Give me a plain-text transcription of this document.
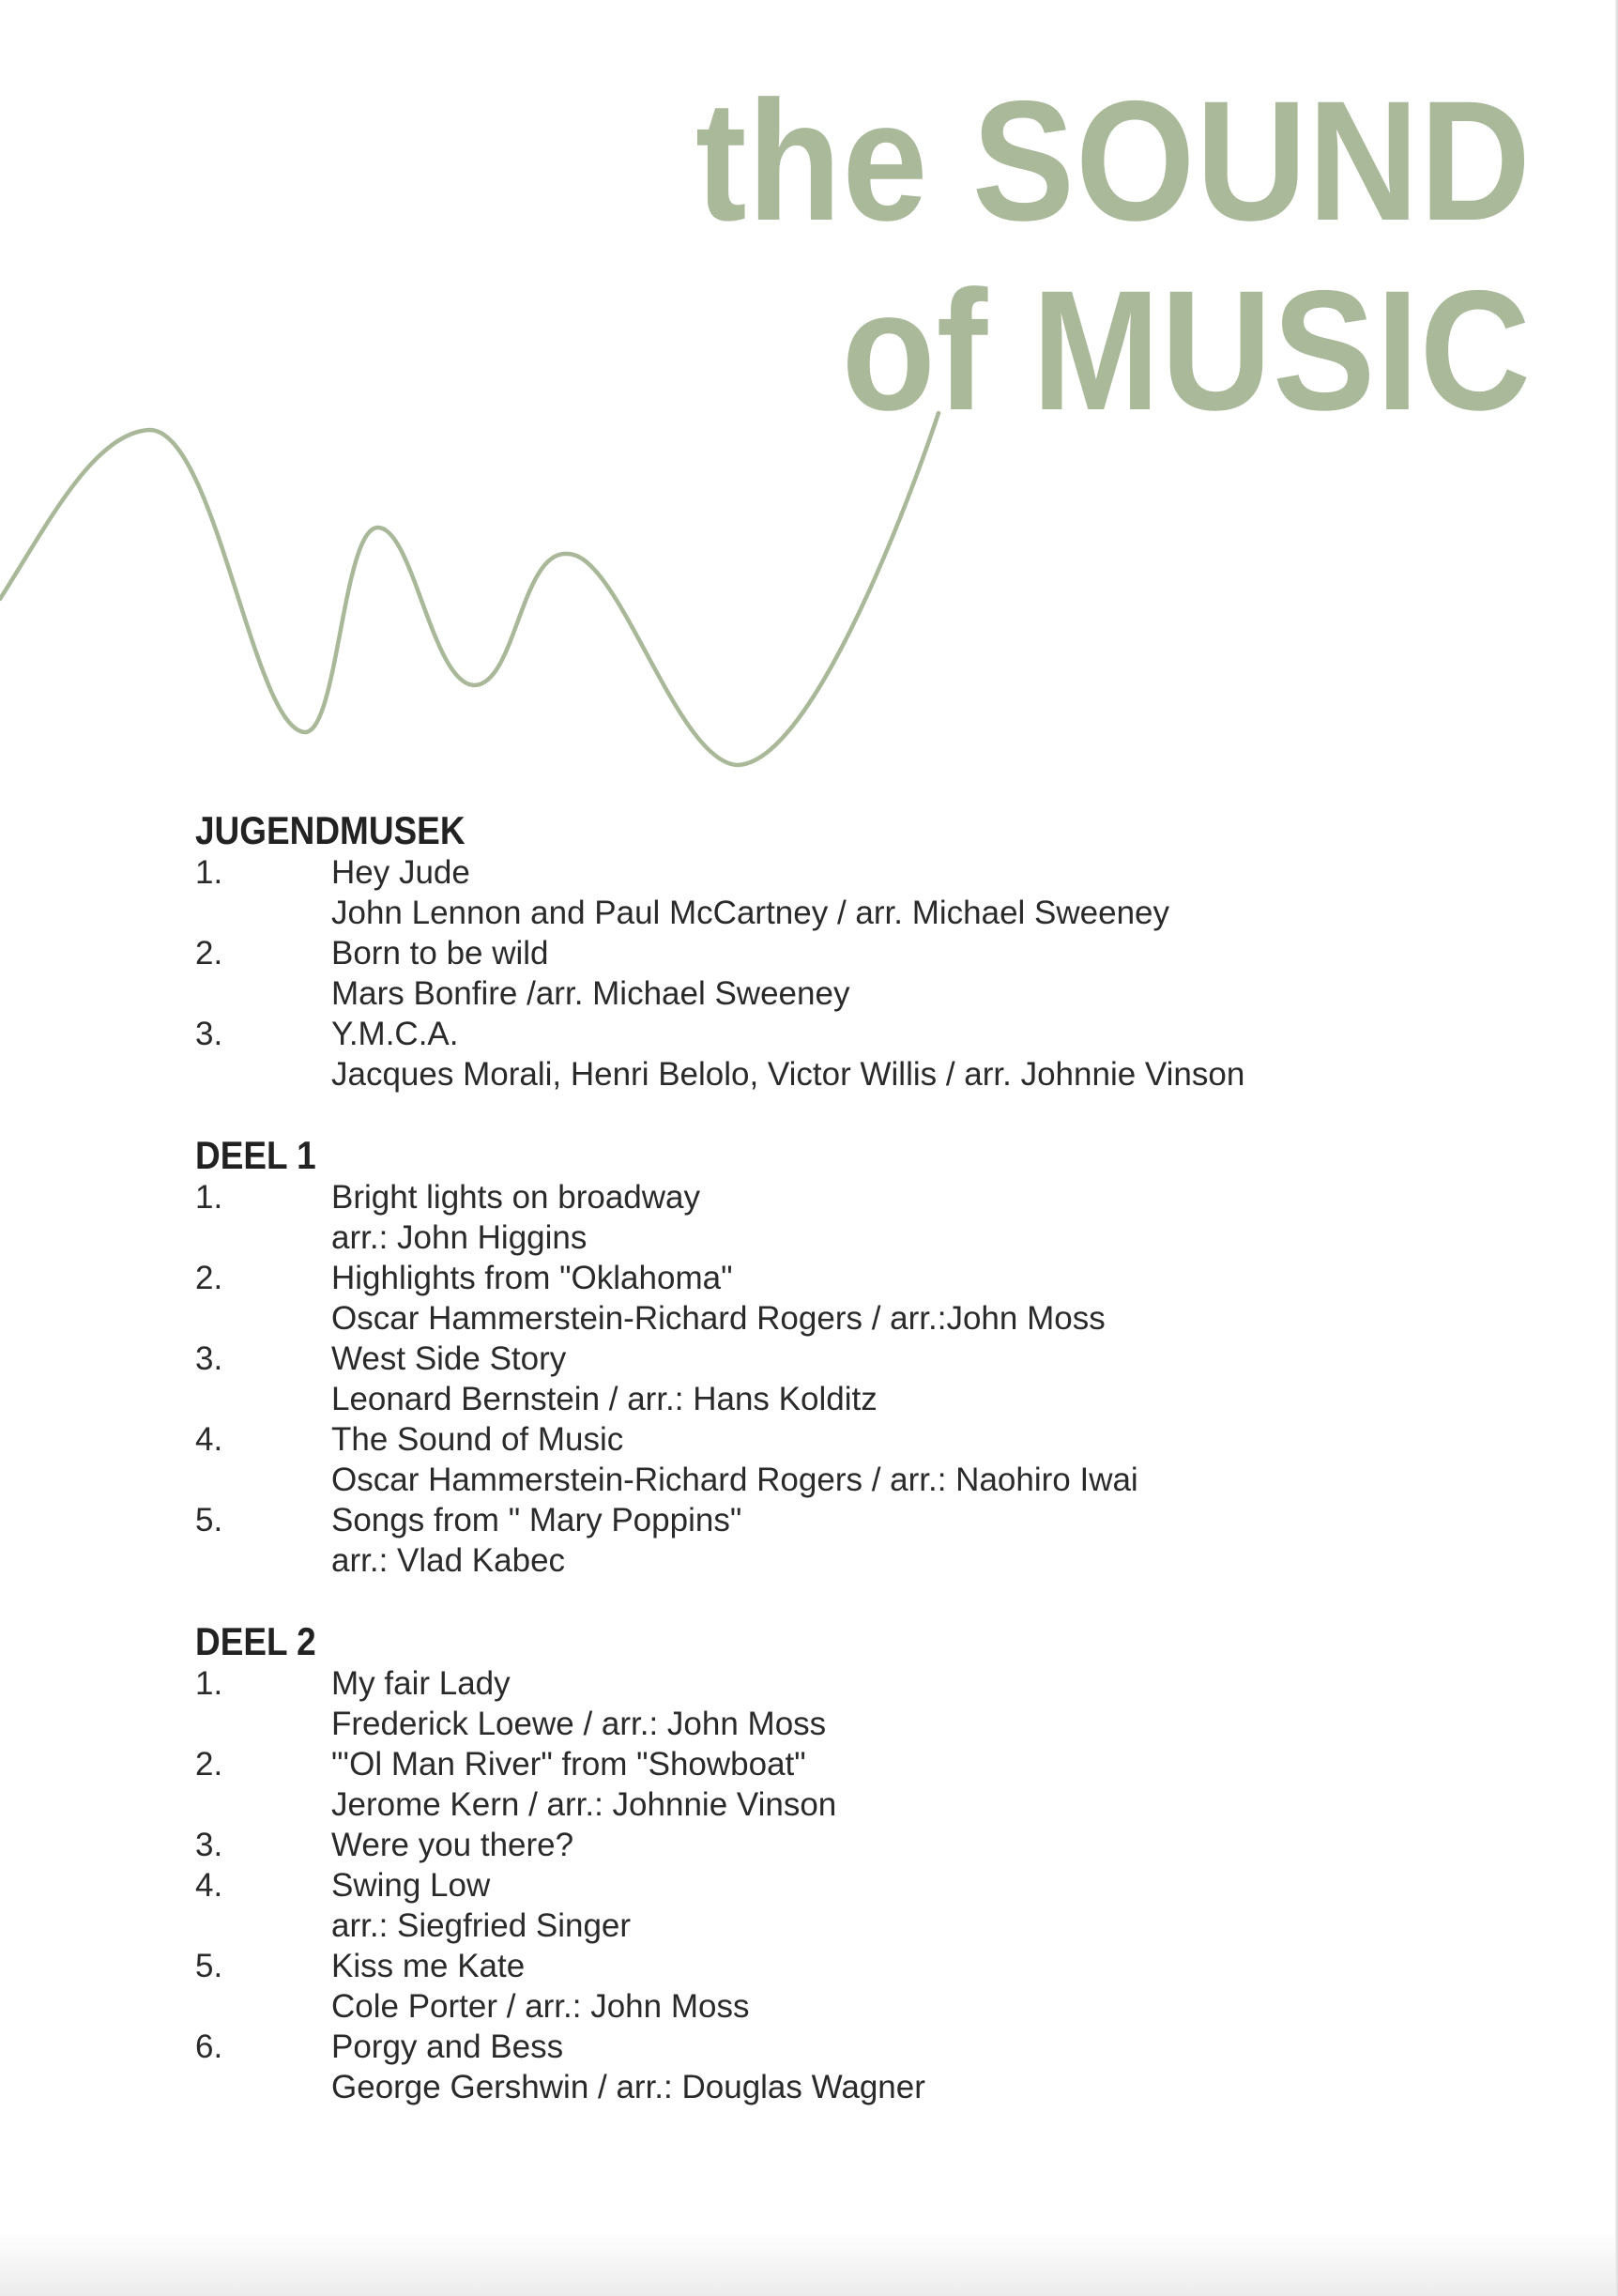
the SOUND
of MUSIC
JUGENDMUSEK
1.	Hey Jude
John Lennon and Paul McCartney / arr. Michael Sweeney
2.	Born to be wild
Mars Bonfire /arr. Michael Sweeney
3.	Y.M.C.A.
Jacques Morali, Henri Belolo, Victor Willis / arr. Johnnie Vinson
DEEL 1
1.	Bright lights on broadway
arr.: John Higgins
2.	Highlights from "Oklahoma"
Oscar Hammerstein-Richard Rogers / arr.:John Moss
3.	West Side Story
Leonard Bernstein / arr.: Hans Kolditz
4.	The Sound of Music
Oscar Hammerstein-Richard Rogers / arr.: Naohiro Iwai
5.	Songs from " Mary Poppins"
arr.: Vlad Kabec
DEEL 2
1.	My fair Lady
Frederick Loewe / arr.: John Moss
2.	"'Ol Man River" from "Showboat"
Jerome Kern / arr.: Johnnie Vinson
3.	Were you there?
4.	Swing Low
arr.: Siegfried Singer
5.	Kiss me Kate
Cole Porter / arr.: John Moss
6.	Porgy and Bess
George Gershwin / arr.: Douglas Wagner
